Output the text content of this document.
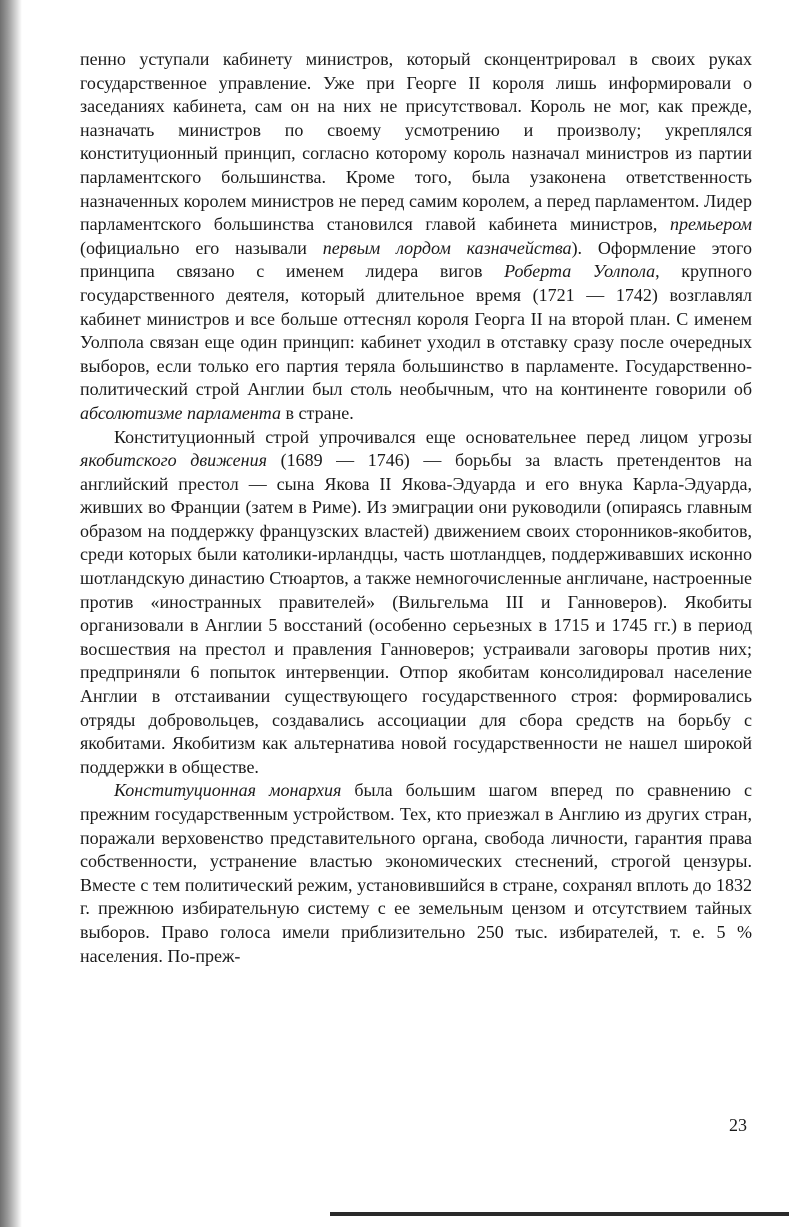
пенно уступали кабинету министров, который сконцентрировал в своих руках государственное управление. Уже при Георге II короля лишь информировали о заседаниях кабинета, сам он на них не присутствовал. Король не мог, как прежде, назначать министров по своему усмотрению и произволу; укреплялся конституционный принцип, согласно которому король назначал министров из партии парламентского большинства. Кроме того, была узаконена ответственность назначенных королем министров не перед самим королем, а перед парламентом. Лидер парламентского большинства становился главой кабинета министров, премьером (официально его называли первым лордом казначейства). Оформление этого принципа связано с именем лидера вигов Роберта Уолпола, крупного государственного деятеля, который длительное время (1721 — 1742) возглавлял кабинет министров и все больше оттеснял короля Георга II на второй план. С именем Уолпола связан еще один принцип: кабинет уходил в отставку сразу после очередных выборов, если только его партия теряла большинство в парламенте. Государственно-политический строй Англии был столь необычным, что на континенте говорили об абсолютизме парламента в стране.

Конституционный строй упрочивался еще основательнее перед лицом угрозы якобитского движения (1689 — 1746) — борьбы за власть претендентов на английский престол — сына Якова II Якова-Эдуарда и его внука Карла-Эдуарда, живших во Франции (затем в Риме). Из эмиграции они руководили (опираясь главным образом на поддержку французских властей) движением своих сторонников-якобитов, среди которых были католики-ирландцы, часть шотландцев, поддерживавших исконно шотландскую династию Стюартов, а также немногочисленные англичане, настроенные против «иностранных правителей» (Вильгельма III и Ганноверов). Якобиты организовали в Англии 5 восстаний (особенно серьезных в 1715 и 1745 гг.) в период восшествия на престол и правления Ганноверов; устраивали заговоры против них; предприняли 6 попыток интервенции. Отпор якобитам консолидировал население Англии в отстаивании существующего государственного строя: формировались отряды добровольцев, создавались ассоциации для сбора средств на борьбу с якобитами. Якобитизм как альтернатива новой государственности не нашел широкой поддержки в обществе.

Конституционная монархия была большим шагом вперед по сравнению с прежним государственным устройством. Тех, кто приезжал в Англию из других стран, поражали верховенство представительного органа, свобода личности, гарантия права собственности, устранение властью экономических стеснений, строгой цензуры. Вместе с тем политический режим, установившийся в стране, сохранял вплоть до 1832 г. прежнюю избирательную систему с ее земельным цензом и отсутствием тайных выборов. Право голоса имели приблизительно 250 тыс. избирателей, т. е. 5 % населения. По-преж-

23
